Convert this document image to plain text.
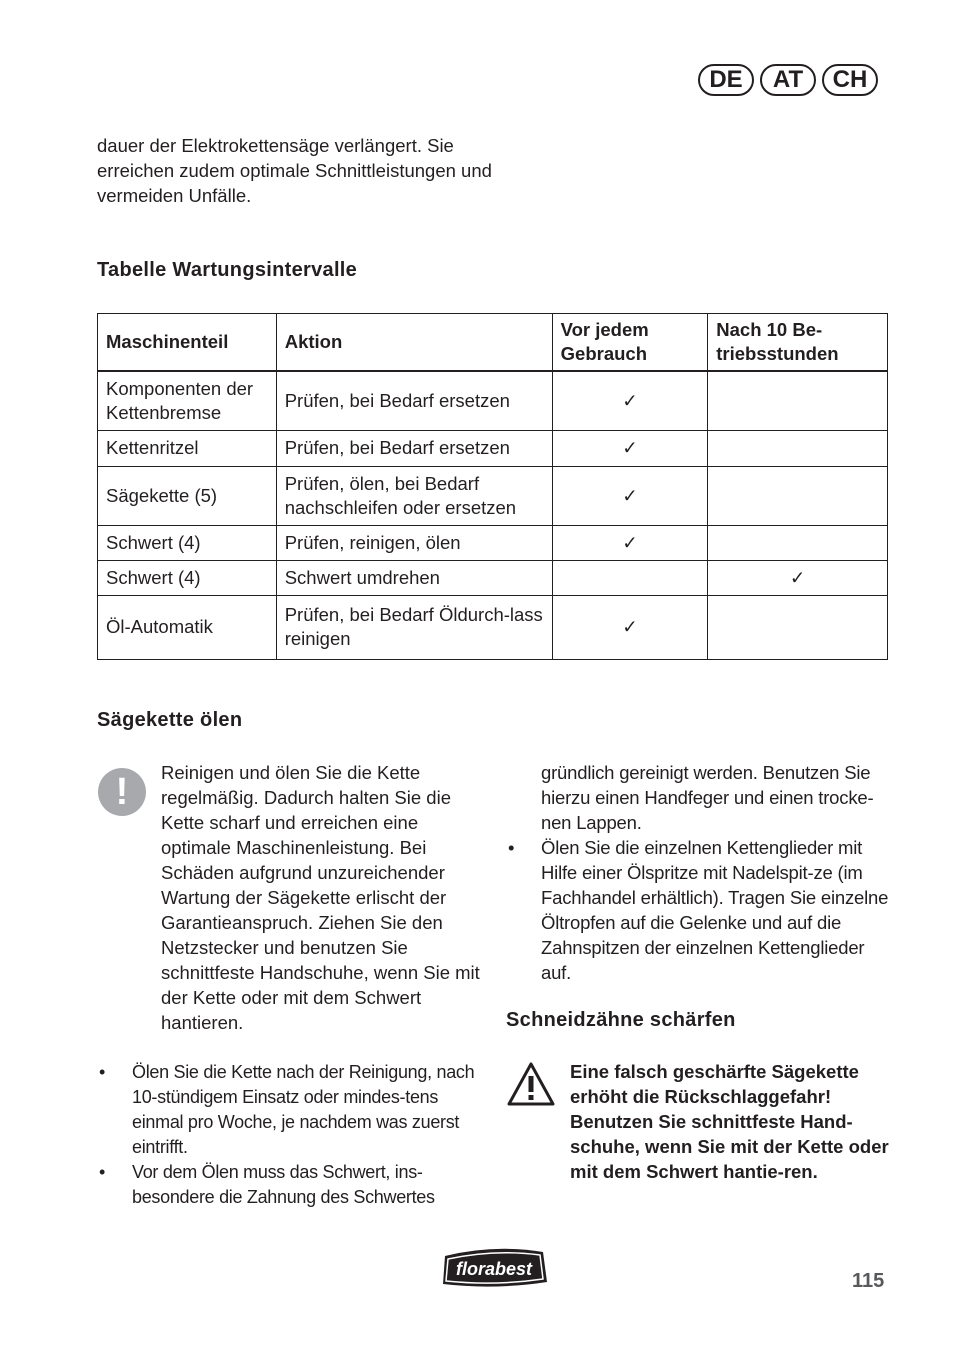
DE	AT	CH
dauer der Elektrokettensäge verlängert. Sie erreichen zudem optimale Schnittleistungen und vermeiden Unfälle.
Tabelle Wartungsintervalle
Maschinenteil	Aktion	Vor jedem Gebrauch	Nach 10 Be-triebsstunden
Komponenten der Kettenbremse	Prüfen, bei Bedarf ersetzen	✓	
Kettenritzel	Prüfen, bei Bedarf ersetzen	✓	
Sägekette (5)	Prüfen, ölen, bei Bedarf nachschleifen oder ersetzen	✓	
Schwert (4)	Prüfen, reinigen, ölen	✓	
Schwert (4)	Schwert umdrehen		✓
Öl-Automatik	Prüfen, bei Bedarf Öldurch-lass reinigen	✓	
Sägekette ölen
!	Reinigen und ölen Sie die Kette regelmäßig. Dadurch halten Sie die Kette scharf und erreichen eine optimale Maschinenleistung. Bei Schäden aufgrund unzureichender Wartung der Sägekette erlischt der Garantieanspruch. Ziehen Sie den Netzstecker und benutzen Sie schnittfeste Handschuhe, wenn Sie mit der Kette oder mit dem Schwert hantieren.
• Ölen Sie die Kette nach der Reinigung, nach 10-stündigem Einsatz oder mindes-tens einmal pro Woche, je nachdem was zuerst eintrifft.
• Vor dem Ölen muss das Schwert, ins-besondere die Zahnung des Schwertes
gründlich gereinigt werden. Benutzen Sie hierzu einen Handfeger und einen trocke-nen Lappen.
• Ölen Sie die einzelnen Kettenglieder mit Hilfe einer Ölspritze mit Nadelspit-ze (im Fachhandel erhältlich). Tragen Sie einzelne Öltropfen auf die Gelenke und auf die Zahnspitzen der einzelnen Kettenglieder auf.
Schneidzähne schärfen
Eine falsch geschärfte Sägekette erhöht die Rückschlaggefahr! Benutzen Sie schnittfeste Hand-schuhe, wenn Sie mit der Kette oder mit dem Schwert hantie-ren.
florabest
115
